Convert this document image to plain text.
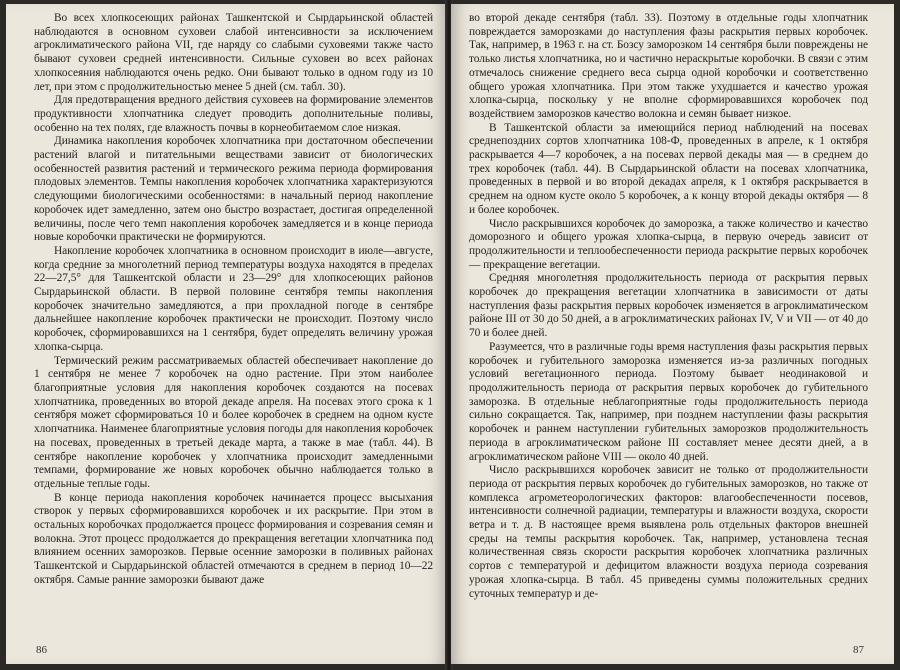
Во всех хлопкосеющих районах Ташкентской и Сырдарьинской областей наблюдаются в основном суховеи слабой интенсивности за исключением агроклиматического района VII, где наряду со слабыми суховеями также часто бывают суховеи средней интенсивности. Сильные суховеи во всех районах хлопкосеяния наблюдаются очень редко. Они бывают только в одном году из 10 лет, при этом с продолжительностью менее 5 дней (см. табл. 30).

Для предотвращения вредного действия суховеев на формирование элементов продуктивности хлопчатника следует проводить дополнительные поливы, особенно на тех полях, где влажность почвы в корнеобитаемом слое низкая.

Динамика накопления коробочек хлопчатника при достаточном обеспечении растений влагой и питательными веществами зависит от биологических особенностей развития растений и термического режима периода формирования плодовых элементов. Темпы накопления коробочек хлопчатника характеризуются следующими биологическими особенностями: в начальный период накопление коробочек идет замедленно, затем оно быстро возрастает, достигая определенной величины, после чего темп накопления коробочек замедляется и в конце периода новые коробочки практически не формируются.

Накопление коробочек хлопчатника в основном происходит в июле—августе, когда средние за многолетний период температуры воздуха находятся в пределах 22—27,5° для Ташкентской области и 23—29° для хлопкосеющих районов Сырдарьинской области. В первой половине сентября темпы накопления коробочек значительно замедляются, а при прохладной погоде в сентябре дальнейшее накопление коробочек практически не происходит. Поэтому число коробочек, сформировавшихся на 1 сентября, будет определять величину урожая хлопка-сырца.

Термический режим рассматриваемых областей обеспечивает накопление до 1 сентября не менее 7 коробочек на одно растение. При этом наиболее благоприятные условия для накопления коробочек создаются на посевах хлопчатника, проведенных во второй декаде апреля. На посевах этого срока к 1 сентября может сформироваться 10 и более коробочек в среднем на одном кусте хлопчатника. Наименее благоприятные условия погоды для накопления коробочек на посевах, проведенных в третьей декаде марта, а также в мае (табл. 44). В сентябре накопление коробочек у хлопчатника происходит замедленными темпами, формирование же новых коробочек обычно наблюдается только в отдельные теплые годы.

В конце периода накопления коробочек начинается процесс высыхания створок у первых сформировавшихся коробочек и их раскрытие. При этом в остальных коробочках продолжается процесс формирования и созревания семян и волокна. Этот процесс продолжается до прекращения вегетации хлопчатника под влиянием осенних заморозков. Первые осенние заморозки в поливных районах Ташкентской и Сырдарьинской областей отмечаются в среднем в период 10—22 октября. Самые ранние заморозки бывают даже

86

во второй декаде сентября (табл. 33). Поэтому в отдельные годы хлопчатник повреждается заморозками до наступления фазы раскрытия первых коробочек. Так, например, в 1963 г. на ст. Бозсу заморозком 14 сентября были повреждены не только листья хлопчатника, но и частично нераскрытые коробочки. В связи с этим отмечалось снижение среднего веса сырца одной коробочки и соответственно общего урожая хлопчатника. При этом также ухудшается и качество урожая хлопка-сырца, поскольку у не вполне сформировавшихся коробочек под воздействием заморозков качество волокна и семян бывает низкое.

В Ташкентской области за имеющийся период наблюдений на посевах среднепоздних сортов хлопчатника 108-Ф, проведенных в апреле, к 1 октября раскрывается 4—7 коробочек, а на посевах первой декады мая — в среднем до трех коробочек (табл. 44). В Сырдарьинской области на посевах хлопчатника, проведенных в первой и во второй декадах апреля, к 1 октября раскрывается в среднем на одном кусте около 5 коробочек, а к концу второй декады октября — 8 и более коробочек.

Число раскрывшихся коробочек до заморозка, а также количество и качество доморозного и общего урожая хлопка-сырца, в первую очередь зависит от продолжительности и теплообеспеченности периода раскрытие первых коробочек — прекращение вегетации.

Средняя многолетняя продолжительность периода от раскрытия первых коробочек до прекращения вегетации хлопчатника в зависимости от даты наступления фазы раскрытия первых коробочек изменяется в агроклиматическом районе III от 30 до 50 дней, а в агроклиматических районах IV, V и VII — от 40 до 70 и более дней.

Разумеется, что в различные годы время наступления фазы раскрытия первых коробочек и губительного заморозка изменяется из-за различных погодных условий вегетационного периода. Поэтому бывает неодинаковой и продолжительность периода от раскрытия первых коробочек до губительного заморозка. В отдельные неблагоприятные годы продолжительность периода сильно сокращается. Так, например, при позднем наступлении фазы раскрытия коробочек и раннем наступлении губительных заморозков продолжительность периода в агроклиматическом районе III составляет менее десяти дней, а в агроклиматическом районе VIII — около 40 дней.

Число раскрывшихся коробочек зависит не только от продолжительности периода от раскрытия первых коробочек до губительных заморозков, но также от комплекса агрометеорологических факторов: влагообеспеченности посевов, интенсивности солнечной радиации, температуры и влажности воздуха, скорости ветра и т. д. В настоящее время выявлена роль отдельных факторов внешней среды на темпы раскрытия коробочек. Так, например, установлена тесная количественная связь скорости раскрытия коробочек хлопчатника различных сортов с температурой и дефицитом влажности воздуха периода созревания урожая хлопка-сырца. В табл. 45 приведены суммы положительных средних суточных температур и де-

87
